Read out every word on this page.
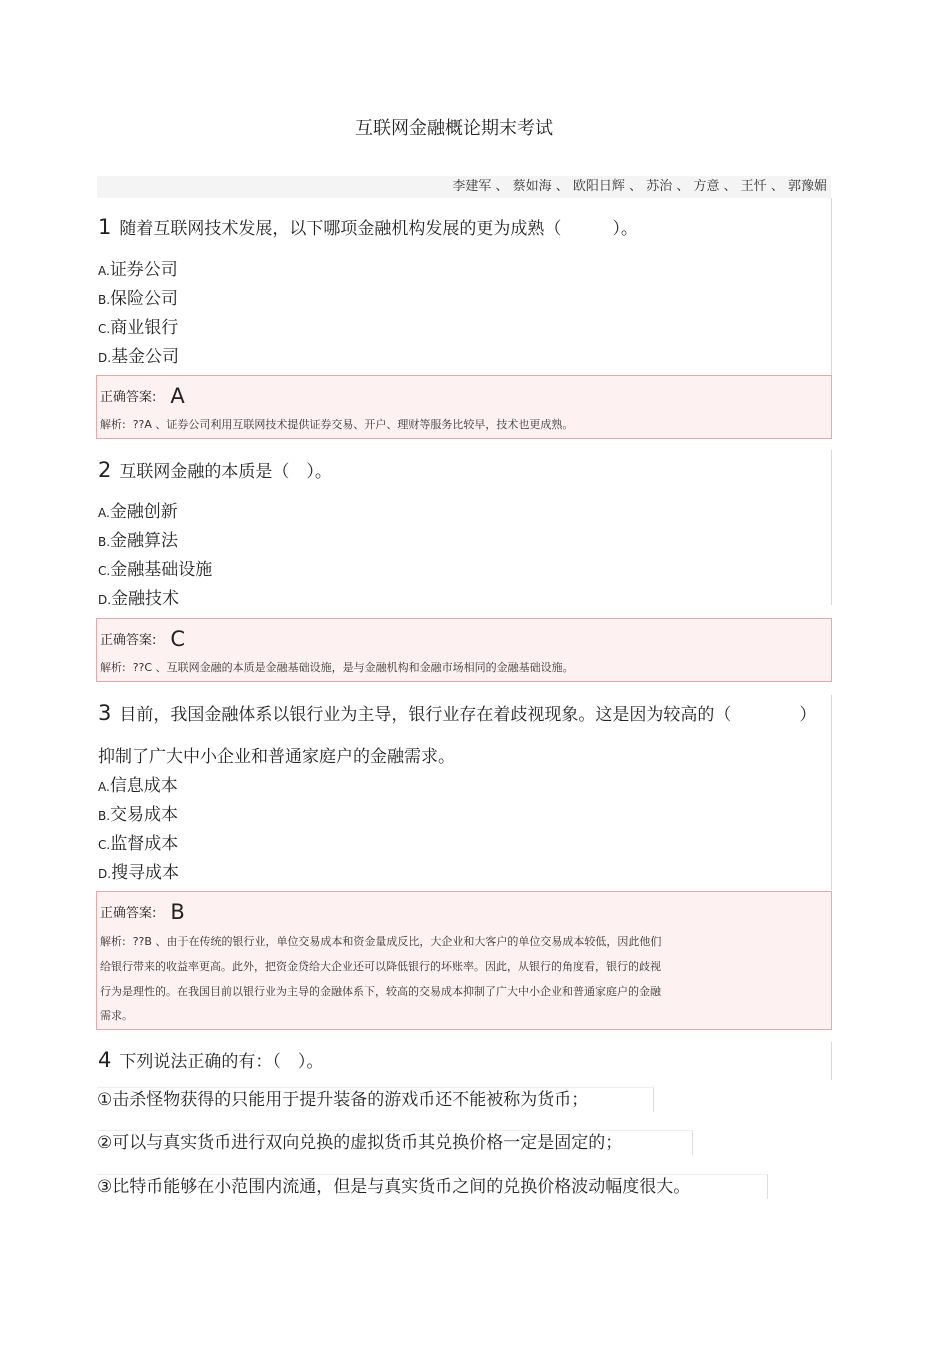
互联网金融概论期末考试
李建军 、 蔡如海 、 欧阳日辉 、 苏治 、 方意 、 王忏 、 郭豫媚
1 随着互联网技术发展，以下哪项金融机构发展的更为成熟（　　　）。
A.证券公司
B.保险公司
C.商业银行
D.基金公司
正确答案: A
解析: ??A 、证券公司利用互联网技术提供证券交易、开户、理财等服务比较早，技术也更成熟。
2 互联网金融的本质是（　）。
A.金融创新
B.金融算法
C.金融基础设施
D.金融技术
正确答案: C
解析: ??C 、互联网金融的本质是金融基础设施，是与金融机构和金融市场相同的金融基础设施。
3 目前，我国金融体系以银行业为主导，银行业存在着歧视现象。这是因为较高的（　　　　）
抑制了广大中小企业和普通家庭户的金融需求。
A.信息成本
B.交易成本
C.监督成本
D.搜寻成本
正确答案: B
解析: ??B 、由于在传统的银行业，单位交易成本和资金量成反比，大企业和大客户的单位交易成本较低，因此他们
给银行带来的收益率更高。此外，把资金贷给大企业还可以降低银行的坏账率。因此，从银行的角度看，银行的歧视
行为是理性的。在我国目前以银行业为主导的金融体系下，较高的交易成本抑制了广大中小企业和普通家庭户的金融
需求。
4 下列说法正确的有：（　）。
①击杀怪物获得的只能用于提升装备的游戏币还不能被称为货币；
②可以与真实货币进行双向兑换的虚拟货币其兑换价格一定是固定的；
③比特币能够在小范围内流通，但是与真实货币之间的兑换价格波动幅度很大。
